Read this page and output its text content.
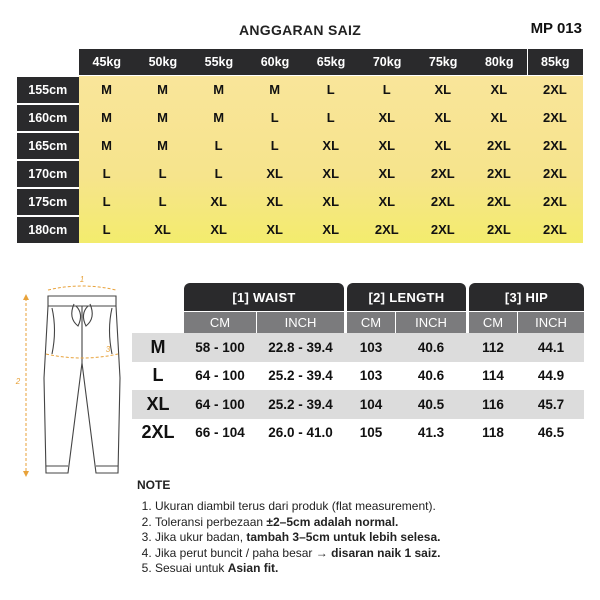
ANGGARAN SAIZ	MP 013
45kg	50kg	55kg	60kg	65kg	70kg	75kg	80kg	85kg
155cm	M	M	M	M	L	L	XL	XL	2XL
160cm	M	M	M	L	L	XL	XL	XL	2XL
165cm	M	M	L	L	XL	XL	XL	2XL	2XL
170cm	L	L	L	XL	XL	XL	2XL	2XL	2XL
175cm	L	L	XL	XL	XL	XL	2XL	2XL	2XL
180cm	L	XL	XL	XL	XL	2XL	2XL	2XL	2XL
1
2
3
[1] WAIST	[2] LENGTH	[3] HIP
CM	INCH	CM	INCH	CM	INCH
M	58 - 100	22.8 - 39.4	103	40.6	112	44.1
L	64 - 100	25.2 - 39.4	103	40.6	114	44.9
XL	64 - 100	25.2 - 39.4	104	40.5	116	45.7
2XL	66 - 104	26.0 - 41.0	105	41.3	118	46.5
NOTE
1. Ukuran diambil terus dari produk (flat measurement).
2. Toleransi perbezaan ±2–5cm adalah normal.
3. Jika ukur badan, tambah 3–5cm untuk lebih selesa.
4. Jika perut buncit / paha besar → disaran naik 1 saiz.
5. Sesuai untuk Asian fit.
